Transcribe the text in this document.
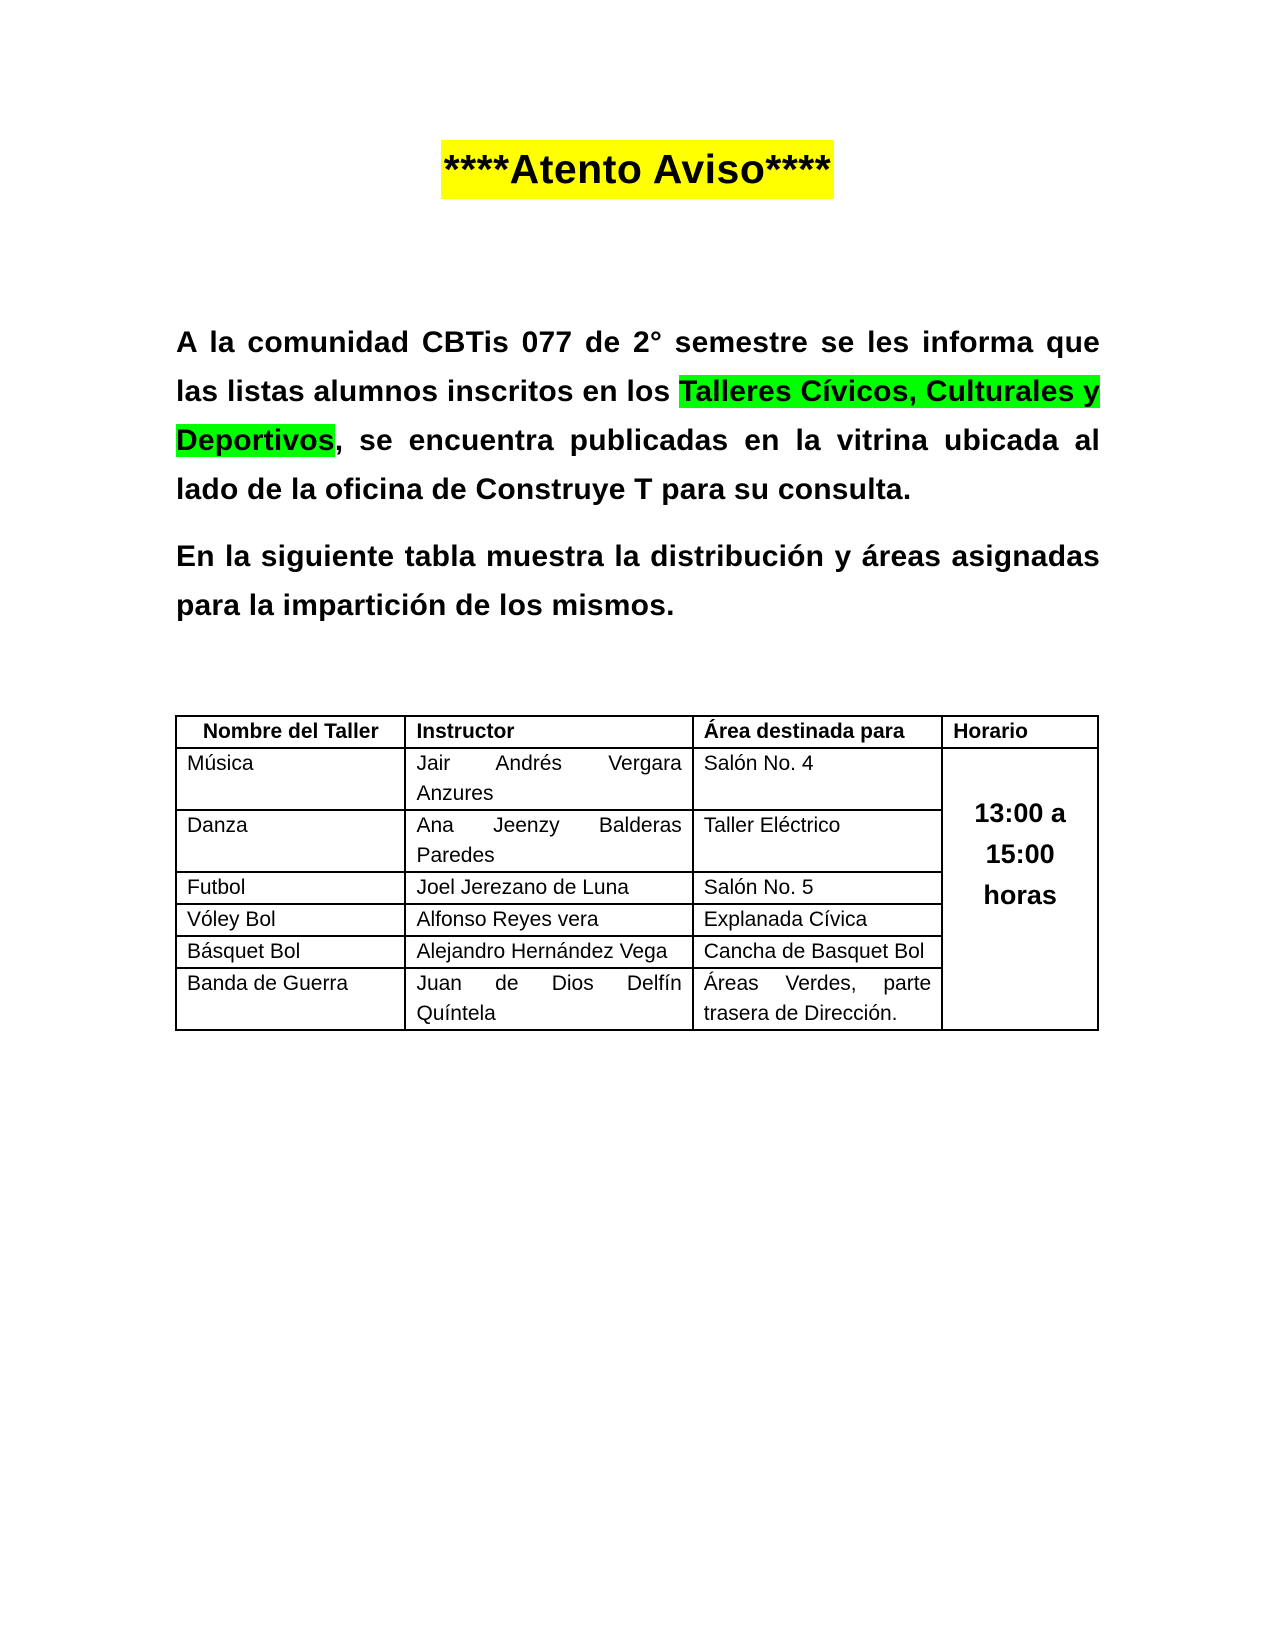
****Atento Aviso****
A la comunidad CBTis 077 de 2° semestre se les informa que las listas alumnos inscritos en los Talleres Cívicos, Culturales y Deportivos, se encuentra publicadas en la vitrina ubicada al lado de la oficina de Construye T para su consulta.
En la siguiente tabla muestra la distribución y áreas asignadas para la impartición de los mismos.
Nombre del Taller	Instructor	Área destinada para	Horario
Música	Jair Andrés Vergara Anzures	Salón No. 4	13:00 a 15:00 horas
Danza	Ana Jeenzy Balderas Paredes	Taller Eléctrico	
Futbol	Joel Jerezano de Luna	Salón No. 5	
Vóley Bol	Alfonso Reyes vera	Explanada Cívica	
Básquet Bol	Alejandro Hernández Vega	Cancha de Basquet Bol	
Banda de Guerra	Juan de Dios Delfín Quíntela	Áreas Verdes, parte trasera de Dirección.	
